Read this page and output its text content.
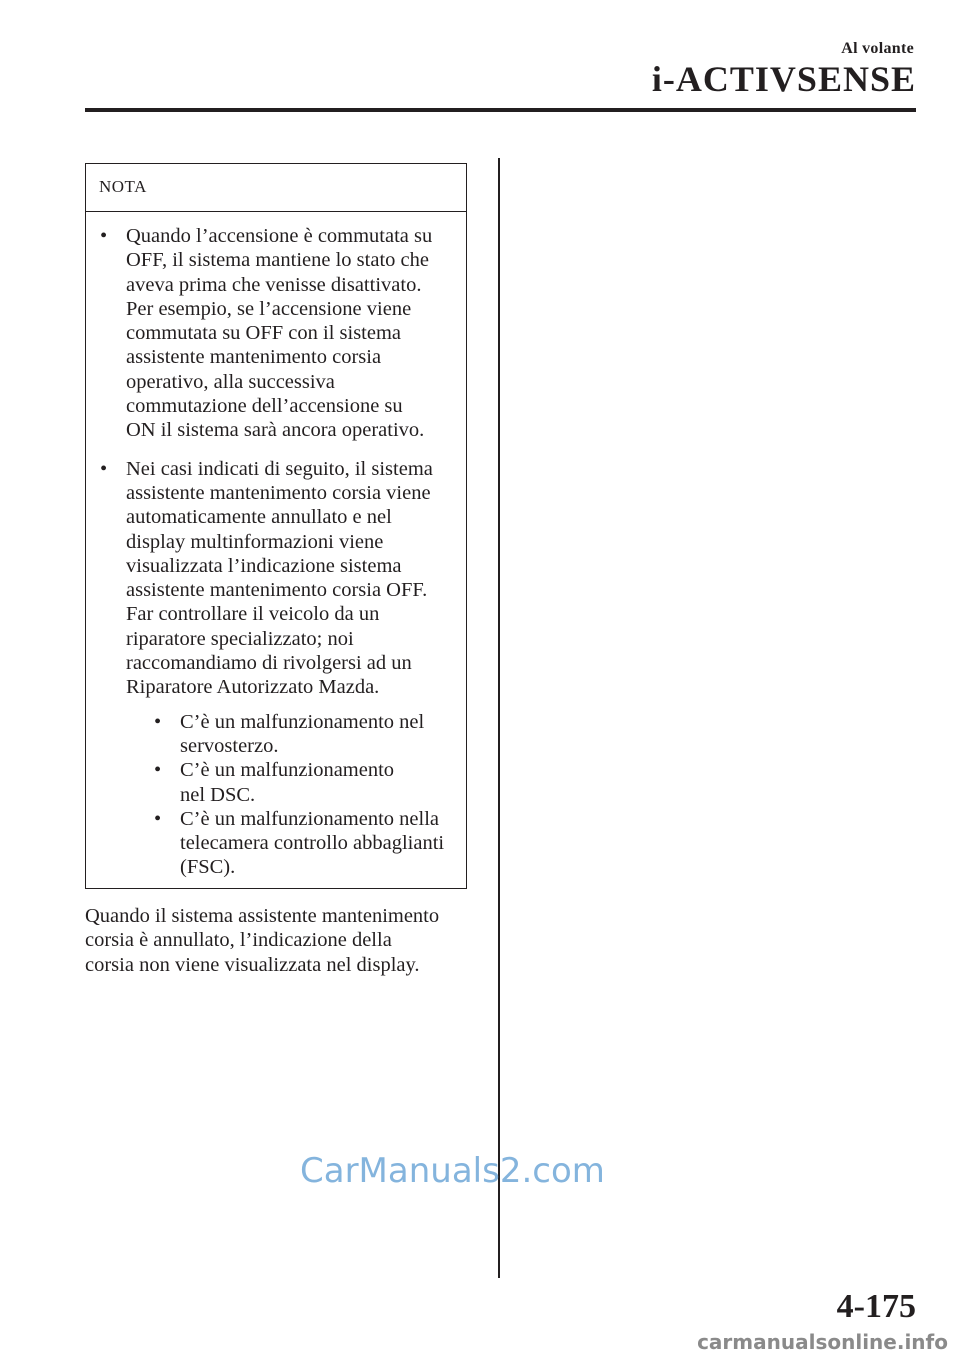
Al volante
i-ACTIVSENSE
NOTA
• Quando l’accensione è commutata su
OFF, il sistema mantiene lo stato che
aveva prima che venisse disattivato.
Per esempio, se l’accensione viene
commutata su OFF con il sistema
assistente mantenimento corsia
operativo, alla successiva
commutazione dell’accensione su
ON il sistema sarà ancora operativo.
• Nei casi indicati di seguito, il sistema
assistente mantenimento corsia viene
automaticamente annullato e nel
display multinformazioni viene
visualizzata l’indicazione sistema
assistente mantenimento corsia OFF.
Far controllare il veicolo da un
riparatore specializzato; noi
raccomandiamo di rivolgersi ad un
Riparatore Autorizzato Mazda.
• C’è un malfunzionamento nel
servosterzo.
• C’è un malfunzionamento
nel DSC.
• C’è un malfunzionamento nella
telecamera controllo abbaglianti
(FSC).
Quando il sistema assistente mantenimento
corsia è annullato, l’indicazione della
corsia non viene visualizzata nel display.
CarManuals2.com
4-175
carmanualsonline.info
